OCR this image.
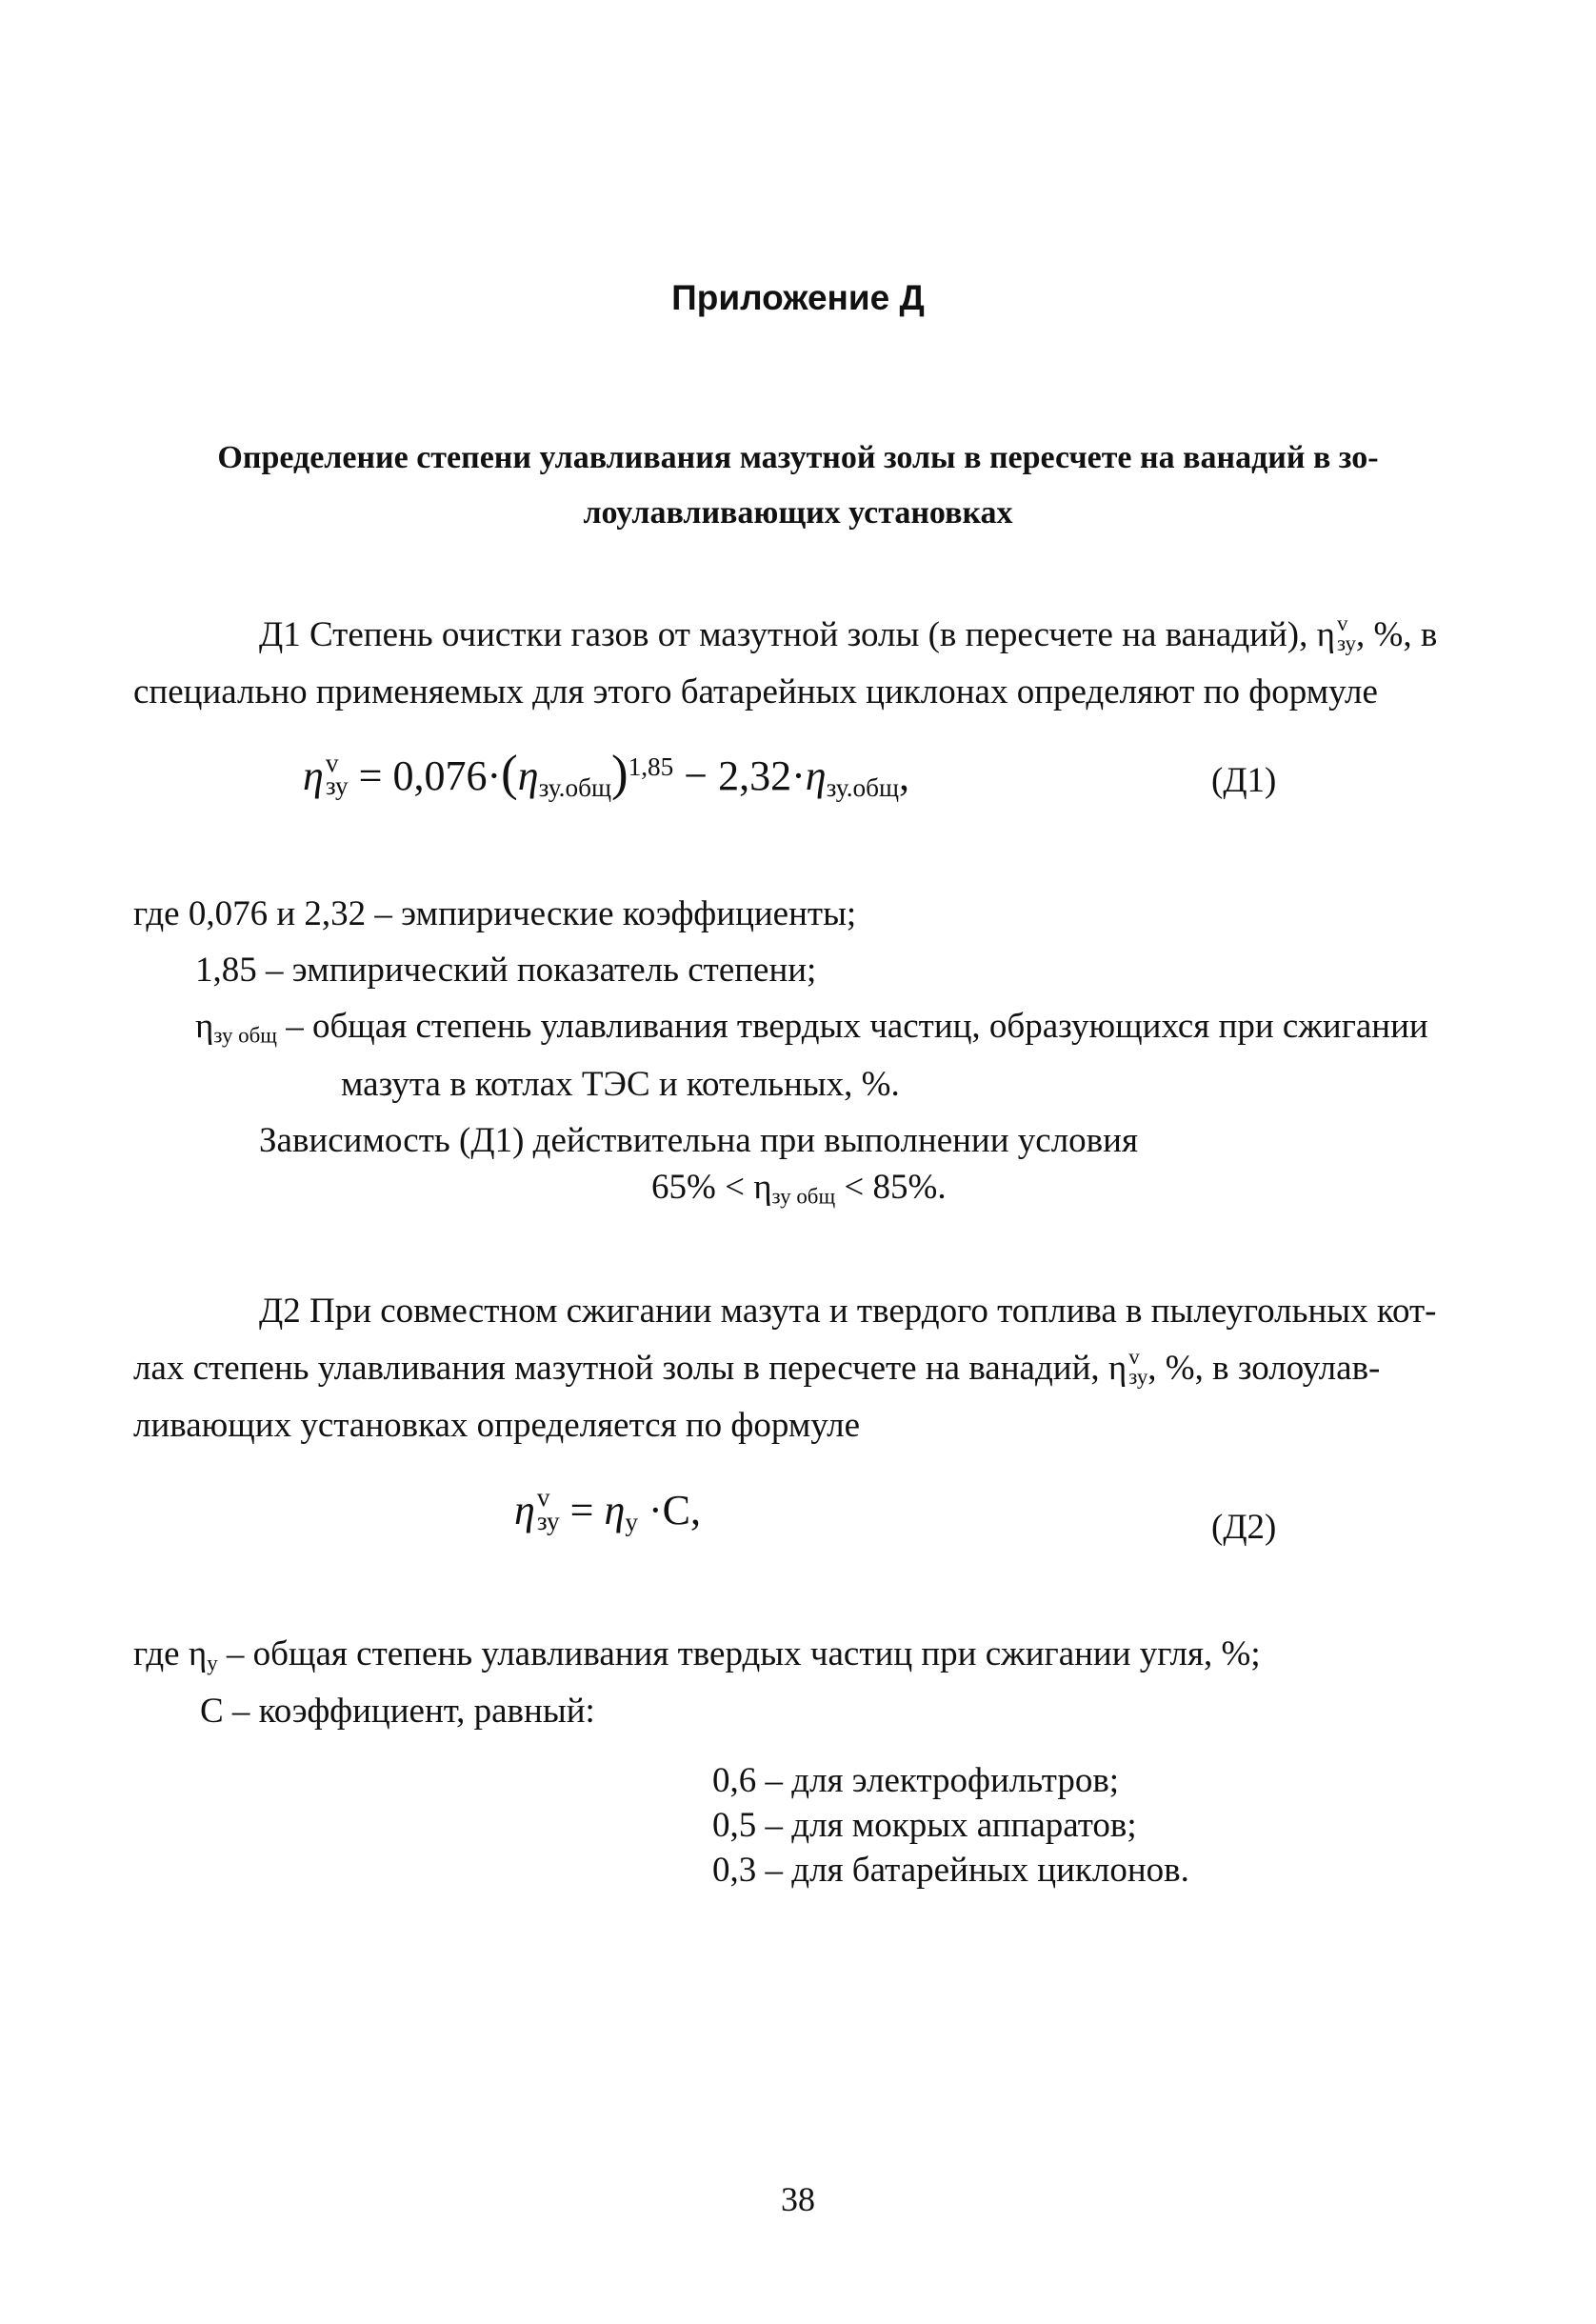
Приложение Д
Определение степени улавливания мазутной золы в пересчете на ванадий в зо-
лоулавливающих установках
Д1 Степень очистки газов от мазутной золы (в пересчете на ванадий), η v
зу , %, в
специально применяемых для этого батарейных циклонах определяют по формуле
η v
зу = $0,076\cdot(\eta_{зу.общ})^{1,85} - 2,32\cdot\eta_{зу.общ}$,	(Д1)
где 0,076 и 2,32 – эмпирические коэффициенты;
1,85 – эмпирический показатель степени;
$\eta_{зу общ}$ – общая степень улавливания твердых частиц, образующихся при сжигании
мазута в котлах ТЭС и котельных, %.
Зависимость (Д1) действительна при выполнении условия
$65\% < \eta_{зу общ} < 85\%$.
Д2 При совместном сжигании мазута и твердого топлива в пылеугольных кот-
лах степень улавливания мазутной золы в пересчете на ванадий, η v
зу , %, в золоулав-
ливающих установках определяется по формуле
η v
зу = $\eta_у \cdot С$,	(Д2)
где $\eta_у$ – общая степень улавливания твердых частиц при сжигании угля, %;
С – коэффициент, равный:
0,6 – для электрофильтров;
0,5 – для мокрых аппаратов;
0,3 – для батарейных циклонов.
38
